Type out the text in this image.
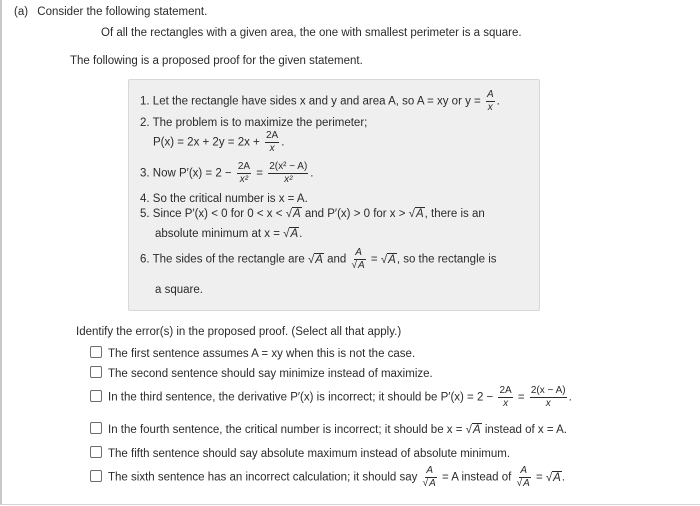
(a) Consider the following statement.
Of all the rectangles with a given area, the one with smallest perimeter is a square.
The following is a proposed proof for the given statement.
1. Let the rectangle have sides x and y and area A, so A = xy or $y = \frac{A}{x}$ .
2. The problem is to maximize the perimeter;
$P(x) = 2x + 2y = 2x + \frac{2A}{x}$ .
3. Now $P'(x) = 2 - \frac{2A}{\text{x²}} = \frac{\text{2(x² − A)}}{\text{x²}}$ .
4. So the critical number is x = A.
5. Since P′(x) < 0 for 0 < x < √A and P′(x) > 0 for x > √A, there is an
absolute minimum at x = √A.
6. The sides of the rectangle are √A and $\frac{A}{√A} = √A$, so the rectangle is
a square.
Identify the error(s) in the proposed proof. (Select all that apply.)
The first sentence assumes A = xy when this is not the case.
The second sentence should say minimize instead of maximize.
In the third sentence, the derivative P′(x) is incorrect; it should be $P'(x) = 2 - \frac{2A}{x} = \frac{2(x - A)}{x}$ .
In the fourth sentence, the critical number is incorrect; it should be x = √A instead of x = A.
The fifth sentence should say absolute maximum instead of absolute minimum.
The sixth sentence has an incorrect calculation; it should say $\frac{A}{√A} = A$ instead of $\frac{A}{√A} = √A$.
